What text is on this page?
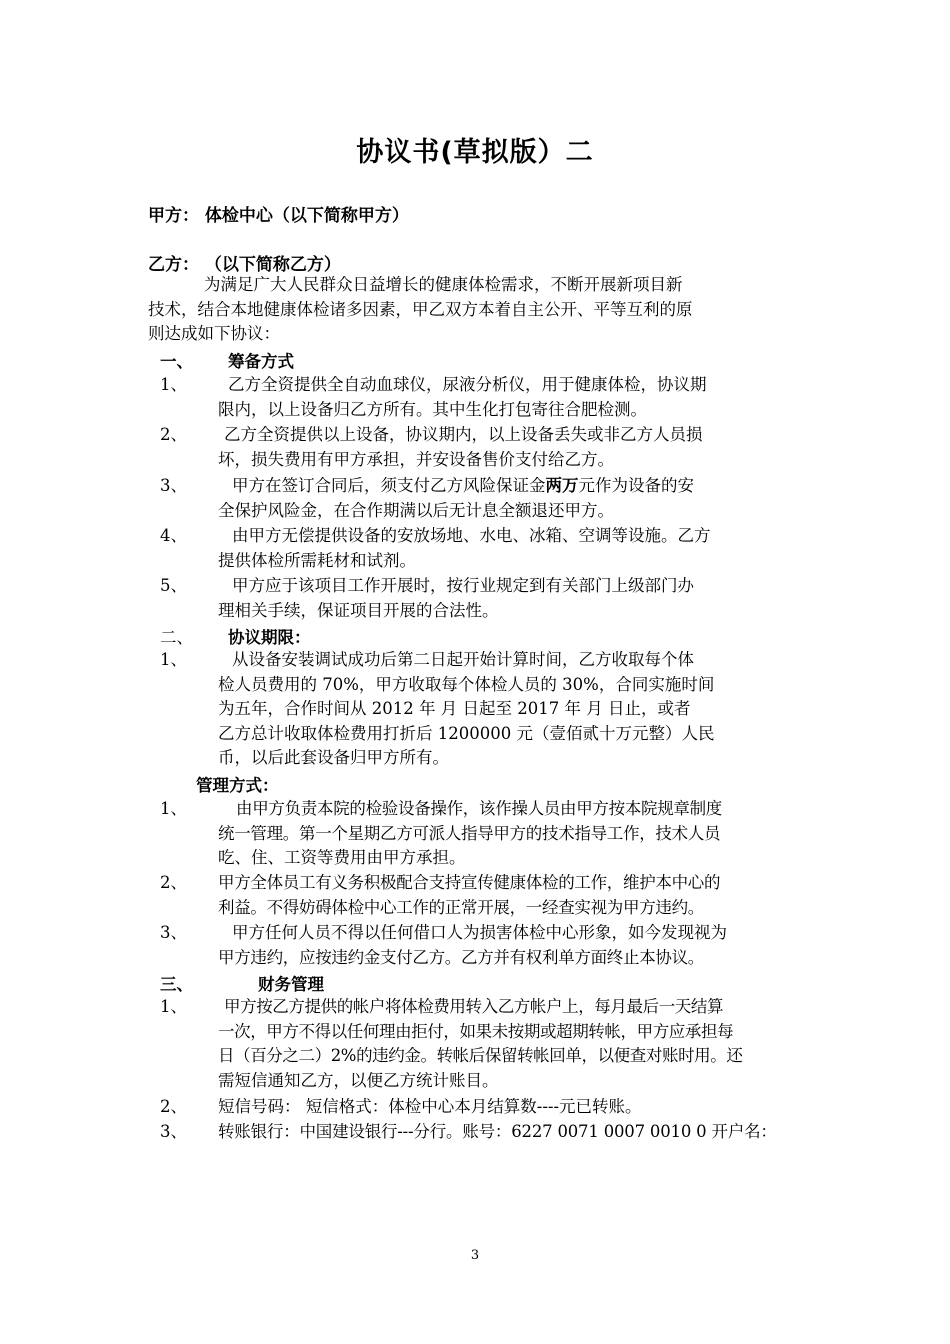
协议书(草拟版）二
甲方： 体检中心（以下简称甲方）
乙方： （以下简称乙方）
为满足广大人民群众日益增长的健康体检需求，不断开展新项目新
技术，结合本地健康体检诸多因素，甲乙双方本着自主公开、平等互利的原
则达成如下协议：
一、 筹备方式
1、	乙方全资提供全自动血球仪，尿液分析仪，用于健康体检，协议期
限内，以上设备归乙方所有。其中生化打包寄往合肥检测。
2、	乙方全资提供以上设备，协议期内，以上设备丢失或非乙方人员损
坏，损失费用有甲方承担，并安设备售价支付给乙方。
3、	甲方在签订合同后，须支付乙方风险保证金两万元作为设备的安
全保护风险金，在合作期满以后无计息全额退还甲方。
4、	由甲方无偿提供设备的安放场地、水电、冰箱、空调等设施。乙方
提供体检所需耗材和试剂。
5、	甲方应于该项目工作开展时，按行业规定到有关部门上级部门办
理相关手续，保证项目开展的合法性。
二、 协议期限：
1、	从设备安装调试成功后第二日起开始计算时间，乙方收取每个体
检人员费用的 70%，甲方收取每个体检人员的 30%，合同实施时间
为五年，合作时间从 2012 年 月 日起至 2017 年 月 日止，或者
乙方总计收取体检费用打折后 1200000 元（壹佰贰十万元整）人民
币，以后此套设备归甲方所有。
管理方式：
1、	由甲方负责本院的检验设备操作，该作操人员由甲方按本院规章制度
统一管理。第一个星期乙方可派人指导甲方的技术指导工作，技术人员
吃、住、工资等费用由甲方承担。
2、 甲方全体员工有义务积极配合支持宣传健康体检的工作，维护本中心的
利益。不得妨碍体检中心工作的正常开展，一经查实视为甲方违约。
3、	甲方任何人员不得以任何借口人为损害体检中心形象，如今发现视为
甲方违约，应按违约金支付乙方。乙方并有权利单方面终止本协议。
三、	财务管理
1、	甲方按乙方提供的帐户将体检费用转入乙方帐户上，每月最后一天结算
一次，甲方不得以任何理由拒付，如果未按期或超期转帐，甲方应承担每
日（百分之二）2%的违约金。转帐后保留转帐回单，以便查对账时用。还
需短信通知乙方，以便乙方统计账目。
2、 短信号码： 短信格式：体检中心本月结算数----元已转账。
3、 转账银行：中国建设银行---分行。账号：6227 0071 0007 0010 0 开户名：
3
